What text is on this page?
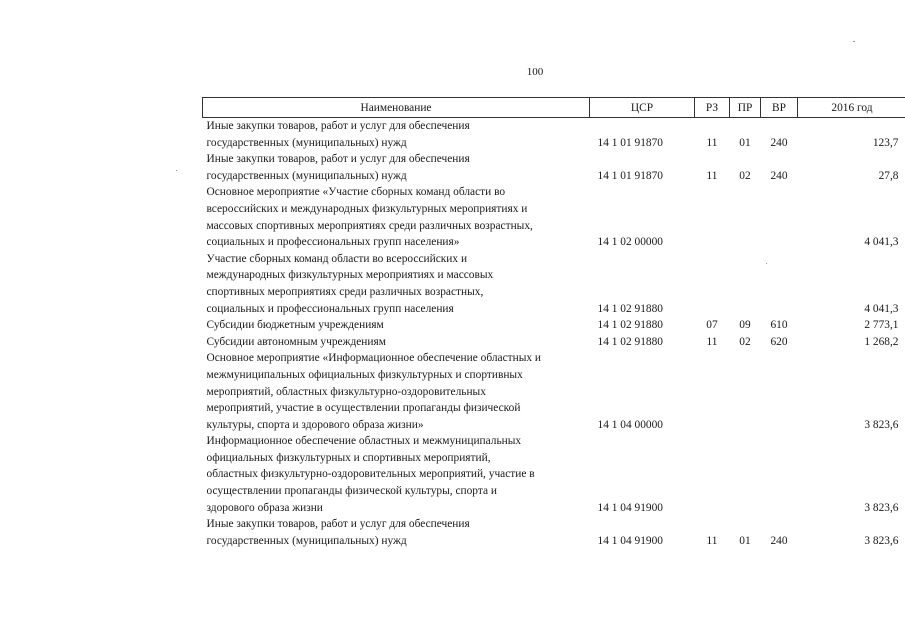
100
Наименование	ЦСР	РЗ	ПР	ВР	2016 год
Иные закупки товаров, работ и услуг для обеспечения
государственных (муниципальных) нужд	14 1 01 91870	11	01	240	123,7
Иные закупки товаров, работ и услуг для обеспечения
государственных (муниципальных) нужд	14 1 01 91870	11	02	240	27,8
Основное мероприятие «Участие сборных команд области во
всероссийских и международных физкультурных мероприятиях и
массовых спортивных мероприятиях среди различных возрастных,
социальных и профессиональных групп населения»	14 1 02 00000				4 041,3
Участие сборных команд области во всероссийских и
международных физкультурных мероприятиях и массовых
спортивных мероприятиях среди различных возрастных,
социальных и профессиональных групп населения	14 1 02 91880				4 041,3
Субсидии бюджетным учреждениям	14 1 02 91880	07	09	610	2 773,1
Субсидии автономным учреждениям	14 1 02 91880	11	02	620	1 268,2
Основное мероприятие «Информационное обеспечение областных и
межмуниципальных официальных физкультурных и спортивных
мероприятий, областных физкультурно-оздоровительных
мероприятий, участие в осуществлении пропаганды физической
культуры, спорта и здорового образа жизни»	14 1 04 00000				3 823,6
Информационное обеспечение областных и межмуниципальных
официальных физкультурных и спортивных мероприятий,
областных физкультурно-оздоровительных мероприятий, участие в
осуществлении пропаганды физической культуры, спорта и
здорового образа жизни	14 1 04 91900				3 823,6
Иные закупки товаров, работ и услуг для обеспечения
государственных (муниципальных) нужд	14 1 04 91900	11	01	240	3 823,6
